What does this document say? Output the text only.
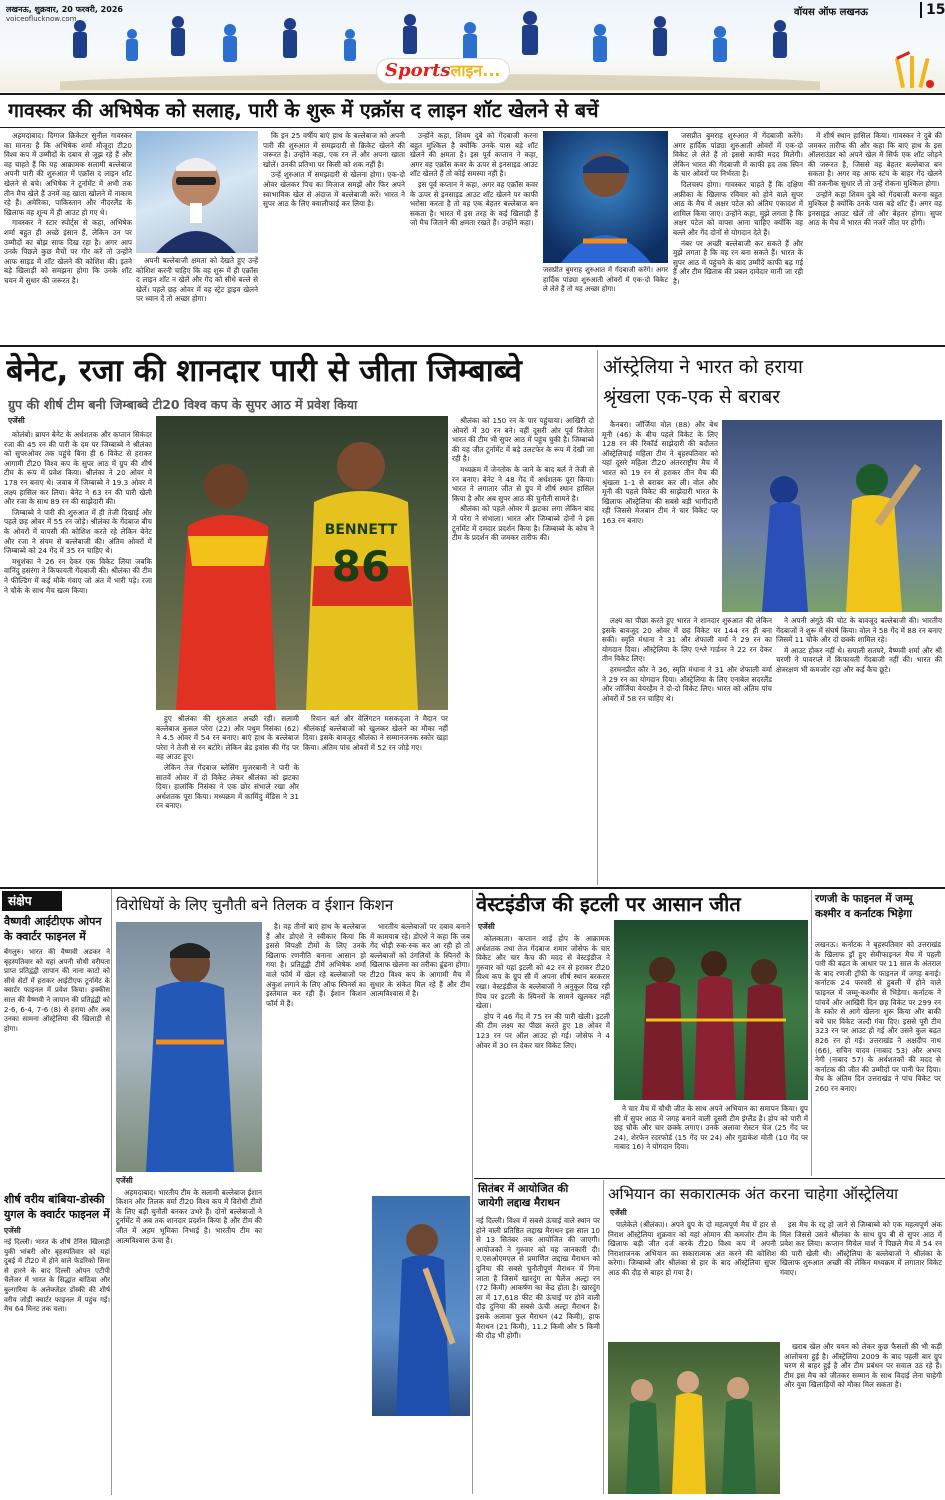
लखनऊ, शुक्रवार, 20 फरवरी, 2026
voiceoflucknow.com
वॉयस ऑफ लखनऊ	15
Sportsलाइन...
गावस्कर की अभिषेक को सलाह, पारी के शुरू में एक्रॉस द लाइन शॉट खेलने से बचें

अहमदाबाद। दिग्गज क्रिकेटर सुनील गावस्कर का मानना है कि अभिषेक शर्मा मौजूदा टी20 विश्व कप में उम्मीदों के दबाव से जूझ रहे हैं और वह चाहते हैं कि यह आक्रामक सलामी बल्लेबाज अपनी पारी की शुरुआत में एक्रॉस द लाइन शॉट खेलने से बचे। अभिषेक ने टूर्नामेंट में अभी तक तीन मैच खेले हैं उनमें वह खाता खोलने में नाकाम रहे हैं। अमेरिका, पाकिस्तान और नीदरलैंड के खिलाफ वह शून्य में ही आउट हो गए थे।

गावस्कर ने स्टार स्पोर्ट्स से कहा, अभिषेक शर्मा बहुत ही अच्छे इंसान हैं, लेकिन उन पर उम्मीदों का बोझ साफ दिख रहा है। अगर आप उनके पिछले कुछ मैचों पर गौर करें तो उन्होंने आफ साइड में शॉट खेलने की कोशिश की। इतने बड़े खिलाड़ी को समझना होगा कि उनके शॉट चयन में सुधार की जरूरत है।

अपनी बल्लेबाजी क्षमता को देखते हुए उन्हें कोशिश करनी चाहिए कि वह शुरू में ही एक्रॉस द लाइन शॉट न खेलें और गेंद को सीधे बल्ले से खेलें। पहले छह ओवर में वह स्ट्रेट ड्राइव खेलने पर ध्यान दें तो अच्छा होगा।

कि इन 25 वर्षीय बाएं हाथ के बल्लेबाज को अपनी पारी की शुरुआत में समझदारी से क्रिकेट खेलने की जरूरत है। उन्होंने कहा, एक रन लें और अपना खाता खोलें। उनकी प्रतिभा पर किसी को शक नहीं है।

उन्हें शुरुआत में समझदारी से खेलना होगा। एक-दो ओवर खेलकर पिच का मिजाज समझें और फिर अपने स्वाभाविक खेल से अंदाज में बल्लेबाजी करें। भारत ने सुपर आठ के लिए क्वालीफाई कर लिया है।

उन्होंने कहा, शिवम दुबे को गेंदबाजी करना बहुत मुश्किल है क्योंकि उनके पास बड़े शॉट खेलने की क्षमता है। इस पूर्व कप्तान ने कहा, अगर वह एक्रॉस कवर के ऊपर से इनसाइड आउट शॉट खेलते हैं तो कोई समस्या नहीं है।

इस पूर्व कप्तान ने कहा, अगर वह एक्रॉस कवर के ऊपर से इनसाइड आउट शॉट खेलने पर काफी भरोसा करता है तो वह एक बेहतर बल्लेबाज बन सकता है। भारत में इस तरह के कई खिलाड़ी हैं जो मैच जिताने की क्षमता रखते हैं। उन्होंने कहा।

जसप्रीत बुमराह शुरुआत में गेंदबाजी करेंगे। अगर हार्दिक पांड्या शुरुआती ओवरों में एक-दो विकेट ले लेते हैं तो यह अच्छा होगा।

जसप्रीत बुमराह शुरुआत में गेंदबाजी करेंगे। अगर हार्दिक पांड्या शुरुआती ओवरों में एक-दो विकेट ले लेते हैं तो इससे काफी मदद मिलेगी। लेकिन भारत की गेंदबाजी में काफी हद तक स्पिन के चार ओवरों पर निर्भरता है।

दिलचस्प होगा। गावस्कर चाहते हैं कि दक्षिण अफ्रीका के खिलाफ रविवार को होने वाले सुपर आठ के मैच में अक्षर पटेल को अंतिम एकादश में शामिल किया जाए। उन्होंने कहा, मुझे लगता है कि अक्षर पटेल को वापस आना चाहिए क्योंकि वह बल्ले और गेंद दोनों से योगदान देते हैं।

नंबर पर अच्छी बल्लेबाजी कर सकते हैं और मुझे लगता है कि वह रन बना सकते हैं। भारत के सुपर आठ में पहुंचने के बाद उम्मीदें काफी बढ़ गई हैं और टीम खिताब की प्रबल दावेदार मानी जा रही है।

में शीर्ष स्थान हासिल किया। गावस्कर ने दुबे की जमकर तारीफ की और कहा कि बाएं हाथ के इस ऑलराउंडर को अपने खेल में सिर्फ एक शॉट जोड़ने की जरूरत है, जिससे वह बेहतर बल्लेबाज बन सकता है। अगर वह आफ स्टंप के बाहर गेंद खेलने की तकनीक सुधार लें तो उन्हें रोकना मुश्किल होगा।

उन्होंने कहा शिवम दुबे को गेंदबाजी करना बहुत मुश्किल है क्योंकि उनके पास बड़े शॉट हैं। अगर वह इनसाइड आउट खेलें तो और बेहतर होगा। सुपर आठ के मैच में भारत की नजरें जीत पर होंगी।

बेनेट, रजा की शानदार पारी से जीता जिम्बाब्वे
ग्रुप की शीर्ष टीम बनी जिम्बाब्वे टी20 विश्व कप के सुपर आठ में प्रवेश किया
एजेंसी

कोलंबो। ब्रायन बेनेट के अर्धशतक और कप्तान सिकंदर रजा की 45 रन की पारी के दम पर जिम्बाब्वे ने श्रीलंका को सुपरओवर तक पहुंचे बिना ही 6 विकेट से हराकर आगामी टी20 विश्व कप के सुपर आठ में ग्रुप की शीर्ष टीम के रूप में प्रवेश किया। श्रीलंका ने 20 ओवर में 178 रन बनाए थे। जवाब में जिम्बाब्वे ने 19.3 ओवर में लक्ष्य हासिल कर लिया। बेनेट ने 63 रन की पारी खेली और रजा के साथ 89 रन की साझेदारी की।

जिम्बाब्वे ने पारी की शुरुआत में ही तेजी दिखाई और पहले छह ओवर में 55 रन जोड़े। श्रीलंका के गेंदबाज बीच के ओवरों में वापसी की कोशिश करते रहे लेकिन बेनेट और रजा ने संयम से बल्लेबाजी की। अंतिम ओवरों में जिम्बाब्वे को 24 गेंद में 35 रन चाहिए थे।

मधुशंका ने 26 रन देकर एक विकेट लिया जबकि वानिंदु हसरंगा ने किफायती गेंदबाजी की। श्रीलंका की टीम ने फील्डिंग में कई मौके गंवाए जो अंत में भारी पड़े। रजा ने चौके के साथ मैच खत्म किया।

BENNETT
86

हुए श्रीलंका की शुरुआत अच्छी रही। सलामी बल्लेबाज कुसल परेरा (22) और पथुम निसंका (62) ने 4.5 ओवर में 54 रन बनाए। बाएं हाथ के बल्लेबाज परेरा ने तेजी से रन बटोरे। लेकिन ब्रेड इवांस की गेंद पर वह आउट हुए।

लेकिन तेज गेंदबाज ब्लेसिंग मुजरबानी ने पारी के सातवें ओवर में दो विकेट लेकर श्रीलंका को झटका दिया। हालांकि निसंका ने एक छोर संभाले रखा और अर्धशतक पूरा किया। मध्यक्रम में कामिंदु मेंडिस ने 31 रन बनाए।

रियान बर्ल और वेलिंगटन मसकद्जा ने मैदान पर श्रीलंकाई बल्लेबाजों को खुलकर खेलने का मौका नहीं दिया। इसके बावजूद श्रीलंका ने सम्मानजनक स्कोर खड़ा किया। अंतिम पांच ओवरों में 52 रन जोड़े गए।

श्रीलंका को 150 रन के पार पहुंचाया। आखिरी दो ओवरों में 30 रन बने। वहीं दूसरी ओर पूर्व विजेता भारत की टीम भी सुपर आठ में पहुंच चुकी है। जिम्बाब्वे की यह जीत टूर्नामेंट में बड़े उलटफेर के रूप में देखी जा रही है।

मध्यक्रम में जेनतोक के जाने के बाद बर्ल ने तेजी से रन बनाए। बेनेट ने 48 गेंद में अर्धशतक पूरा किया। भारत ने लगातार जीत से ग्रुप में शीर्ष स्थान हासिल किया है और अब सुपर आठ की चुनौती सामने है।

श्रीलंका को पहले ओवर में झटका लगा लेकिन बाद में परेरा ने संभाला। भारत और जिम्बाब्वे दोनों ने इस टूर्नामेंट में दमदार प्रदर्शन किया है। जिम्बाब्वे के कोच ने टीम के प्रदर्शन की जमकर तारीफ की।

ऑस्ट्रेलिया ने भारत को हराया
श्रृंखला एक-एक से बराबर

कैनबरा। जॉर्जिया वोल (88) और बेथ मूनी (46) के बीच पहले विकेट के लिए 128 रन की रिकॉर्ड साझेदारी की बदौलत ऑस्ट्रेलियाई महिला टीम ने बृहस्पतिवार को यहां दूसरे महिला टी20 अंतरराष्ट्रीय मैच में भारत को 19 रन से हराकर तीन मैच की श्रृंखला 1-1 से बराबर कर ली। वोल और मूनी की पहले विकेट की साझेदारी भारत के खिलाफ ऑस्ट्रेलिया की सबसे बड़ी भागीदारी रही जिससे मेजबान टीम ने चार विकेट पर 163 रन बनाए।

लक्ष्य का पीछा करते हुए भारत ने शानदार शुरुआत की लेकिन इसके बावजूद 20 ओवर में छह विकेट पर 144 रन ही बना सकी। स्मृति मंधाना ने 31 और शेफाली वर्मा ने 29 रन का योगदान दिया। ऑस्ट्रेलिया के लिए एश्ले गार्डनर ने 22 रन देकर तीन विकेट लिए।

हरमनप्रीत कौर ने 36, स्मृति मंधाना ने 31 और शेफाली वर्मा ने 29 रन का योगदान दिया। ऑस्ट्रेलिया के लिए एनाबेल सदरलैंड और जॉर्जिया वेयरहैम ने दो-दो विकेट लिए। भारत को अंतिम पांच ओवरों में 58 रन चाहिए थे।

ने अपनी अंगूठे की चोट के बावजूद बल्लेबाजी की। भारतीय गेंदबाजों ने शुरू में संघर्ष किया। वोल ने 58 गेंद में 88 रन बनाए जिसमें 11 चौके और दो छक्के शामिल रहे।

में आउट होकर नहीं थे। सयाली सतघरे, वैष्णवी शर्मा और श्री चरणी ने पावरप्ले में किफायती गेंदबाजी नहीं की। भारत की क्षेत्ररक्षण भी कमजोर रहा और कई कैच छूटे।

संक्षेप
वैष्णवी आईटीएफ ओपन के क्वार्टर फाइनल में
बेंगलुरु। भारत की वैष्णवी अडकर ने बृहस्पतिवार को यहां अपनी चौथी वरीयता प्राप्त प्रतिद्वंद्वी जापान की नाना काटो को सीधे सेटों में हराकर आईटीएफ टूर्नामेंट के क्वार्टर फाइनल में प्रवेश किया। इक्कीस साल की वैष्णवी ने जापान की प्रतिद्वंद्वी को 2-6, 6-4, 7-6 (8) से हराया और अब उनका सामना ऑस्ट्रेलिया की खिलाड़ी से होगा।
शीर्ष वरीय बांबिया-डोस्की युगल के क्वार्टर फाइनल में
एजेंसी
नई दिल्ली। भारत के शीर्ष टेनिस खिलाड़ी युकी भांबरी और बृहस्पतिवार को यहां दुबई में टी20 में होने वाले फेडरिको सिना से हारने के बाद दिल्ली ओपन एटीपी चैलेंजर में भारत के सिद्धांत बांठिया और बुल्गारिया के अलेक्जेंडर डोंस्की की शीर्ष वरीय जोड़ी क्वार्टर फाइनल में पहुंच गई। मैच 64 मिनट तक चला।
विरोधियों के लिए चुनौती बने तिलक व ईशान किशन
एजेंसी

अहमदाबाद। भारतीय टीम के सलामी बल्लेबाज ईशान किशन और तिलक वर्मा टी20 विश्व कप में विरोधी टीमों के लिए बड़ी चुनौती बनकर उभरे हैं। दोनों बल्लेबाजों ने टूर्नामेंट में अब तक शानदार प्रदर्शन किया है और टीम की जीत में अहम भूमिका निभाई है। भारतीय टीम का आत्मविश्वास ऊंचा है।

है। वह तीनों बाएं हाथ के बल्लेबाज हैं और डोएशे ने स्वीकार किया कि इससे विपक्षी टीमों के लिए उनके खिलाफ रणनीति बनाना आसान हो गया है। प्रतिद्वंद्वी टीमें अभिषेक शर्मा वाले फॉर्म में खेल रहे बल्लेबाजों पर अंकुश लगाने के लिए ऑफ स्पिनर्स का इस्तेमाल कर रही हैं। ईशान किशन फॉर्म में हैं।

भारतीय बल्लेबाजों पर दबाव बनाने में कामयाब रहे। डोएशे ने कहा कि जब गेंद थोड़ी रुक-रुक कर आ रही हो तो बल्लेबाजों को उंगलियों के स्पिनरों के खिलाफ खेलना का तरीका ढूंढना होगा। टी20 विश्व कप के आगामी मैच में सुधार के संकेत मिल रहे हैं और टीम आत्मविश्वास में है।

वेस्टइंडीज की इटली पर आसान जीत
एजेंसी

कोलकाता। कप्तान शाई होप के आक्रामक अर्धशतक तथा तेज गेंदबाज शमार जोसेफ के चार विकेट और चार कैच की मदद से वेस्टइंडीज ने गुरुवार को यहां इटली को 42 रन से हराकर टी20 विश्व कप के ग्रुप सी में अपना शीर्ष स्थान बरकरार रखा। वेस्टइंडीज के बल्लेबाजों ने अनुकूल दिख रही पिच पर इटली के स्पिनरों के सामने खुलकर नहीं खेला।

होप ने 46 गेंद में 75 रन की पारी खेली। इटली की टीम लक्ष्य का पीछा करते हुए 18 ओवर में 123 रन पर ऑल आउट हो गई। जोसेफ ने 4 ओवर में 30 रन देकर चार विकेट लिए।

ने चार मैच में चौथी जीत के साथ अपने अभियान का समापन किया। ग्रुप सी में सुपर आठ में जगह बनाने वाली दूसरी टीम इंग्लैंड है। होप को पारी में छह चौके और चार छक्के लगाए। उनके अलावा रोस्टन चेज (25 गेंद पर 24), शेरफेन रदरफोर्ड (15 गेंद पर 24) और गुडाकेश मोती (10 गेंद पर नाबाद 16) ने योगदान दिया।

रणजी के फाइनल में जम्मू कश्मीर व कर्नाटक भिड़ेगा
लखनऊ। कर्नाटक ने बृहस्पतिवार को उत्तराखंड के खिलाफ ड्रॉ हुए सेमीफाइनल मैच में पहली पारी की बढ़त के आधार पर 11 साल के अंतराल के बाद रणजी ट्रॉफी के फाइनल में जगह बनाई। कर्नाटक 24 फरवरी से हुबली में होने वाले फाइनल में जम्मू-कश्मीर से भिड़ेगा। कर्नाटक ने पांचवें और आखिरी दिन छह विकेट पर 299 रन के स्कोर से आगे खेलना शुरू किया और बाकी बचे चार विकेट जल्दी गंवा दिए। इससे पूरी टीम 323 रन पर आउट हो गई और उसने कुल बढ़त 826 रन हो गई। उत्तराखंड ने अक्षदीप नाथ (66), सचिन यादव (नाबाद 53) और अभय नेगी (नाबाद 57) के अर्धशतकों की मदद से कर्नाटक की जीत की उम्मीदों पर पानी फेर दिया। मैच के अंतिम दिन उत्तराखंड ने पांच विकेट पर 260 रन बनाए।
सितंबर में आयोजित की
जायेगी लद्दाख मैराथन
नई दिल्ली। विश्व में सबसे ऊंचाई वाले स्थान पर होने वाली प्रतिष्ठित लद्दाख मैराथन इस साल 10 से 13 सितंबर तक आयोजित की जाएगी। आयोजकों ने गुरुवार को यह जानकारी दी। ए.एसओएमएल से प्रमाणित लद्दाख मैराथन को दुनिया की सबसे चुनौतीपूर्ण मैराथन में गिना जाता है जिसमें खारदुंग ला चैलेंज अल्ट्रा रन (72 किमी) आकर्षण का केंद्र होता है। खारदुंग ला में 17,618 फीट की ऊंचाई पर होने वाली दौड़ दुनिया की सबसे ऊंची अल्ट्रा मैराथन है। इसके अलावा फुल मैराथन (42 किमी), हाफ मैराथन (21 किमी), 11.2 किमी और 5 किमी की दौड़ भी होगी।
अभियान का सकारात्मक अंत करना चाहेगा ऑस्ट्रेलिया
एजेंसी

पालेकेले (श्रीलंका)। अपने ग्रुप के दो महत्वपूर्ण मैच में हार से निराश ऑस्ट्रेलिया शुक्रवार को यहां ओमान की कमजोर टीम के खिलाफ बड़ी जीत दर्ज करके टी20 विश्व कप में अपनी निराशाजनक अभियान का सकारात्मक अंत करने की कोशिश करेगा। जिम्बाब्वे और श्रीलंका से हार के बाद ऑस्ट्रेलिया सुपर आठ की दौड़ से बाहर हो गया है।

इस मैच के रद्द हो जाने से जिम्बाब्वे को एक महत्वपूर्ण अंक मिल जिससे उसने श्रीलंका के साथ ग्रुप बी से सुपर आठ में प्रवेश कर लिया। कप्तान मिचेल मार्श ने पिछले मैच में 54 रन की पारी खेली थी। ऑस्ट्रेलिया के बल्लेबाजों ने श्रीलंका के खिलाफ शुरुआत अच्छी की लेकिन मध्यक्रम में लगातार विकेट गंवाए।

खराब खेल और चयन को लेकर कुछ फैसलों की भी कड़ी आलोचना हुई है। ऑस्ट्रेलिया 2009 के बाद पहली बार ग्रुप चरण से बाहर हुई है और टीम प्रबंधन पर सवाल उठ रहे हैं। टीम इस मैच को जीतकर सम्मान के साथ विदाई लेना चाहेगी और युवा खिलाड़ियों को मौका मिल सकता है।
